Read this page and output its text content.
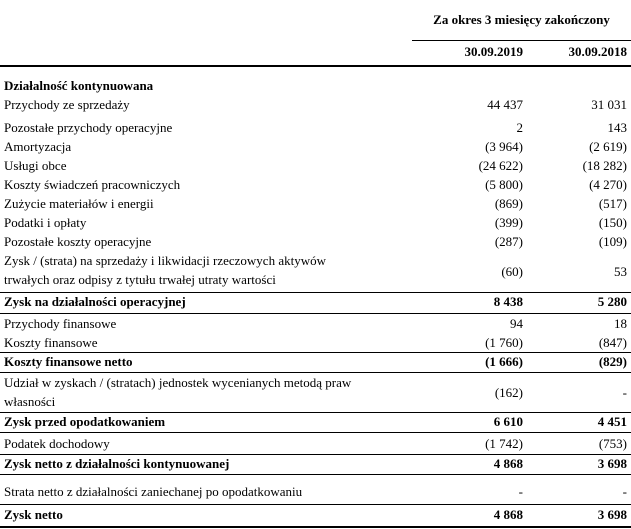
Za okres 3 miesięcy zakończony
30.09.2019	30.09.2018
Działalność kontynuowana
Przychody ze sprzedaży	44 437	31 031
Pozostałe przychody operacyjne	2	143
Amortyzacja	(3 964)	(2 619)
Usługi obce	(24 622)	(18 282)
Koszty świadczeń pracowniczych	(5 800)	(4 270)
Zużycie materiałów i energii	(869)	(517)
Podatki i opłaty	(399)	(150)
Pozostałe koszty operacyjne	(287)	(109)
Zysk / (strata) na sprzedaży i likwidacji rzeczowych aktywów
trwałych oraz odpisy z tytułu trwałej utraty wartości
(60)	53
Zysk na działalności operacyjnej	8 438	5 280
Przychody finansowe	94	18
Koszty finansowe	(1 760)	(847)
Koszty finansowe netto	(1 666)	(829)
Udział w zyskach / (stratach) jednostek wycenianych metodą praw
własności
(162)	-
Zysk przed opodatkowaniem	6 610	4 451
Podatek dochodowy	(1 742)	(753)
Zysk netto z działalności kontynuowanej	4 868	3 698
Strata netto z działalności zaniechanej po opodatkowaniu	-	-
Zysk netto	4 868	3 698
